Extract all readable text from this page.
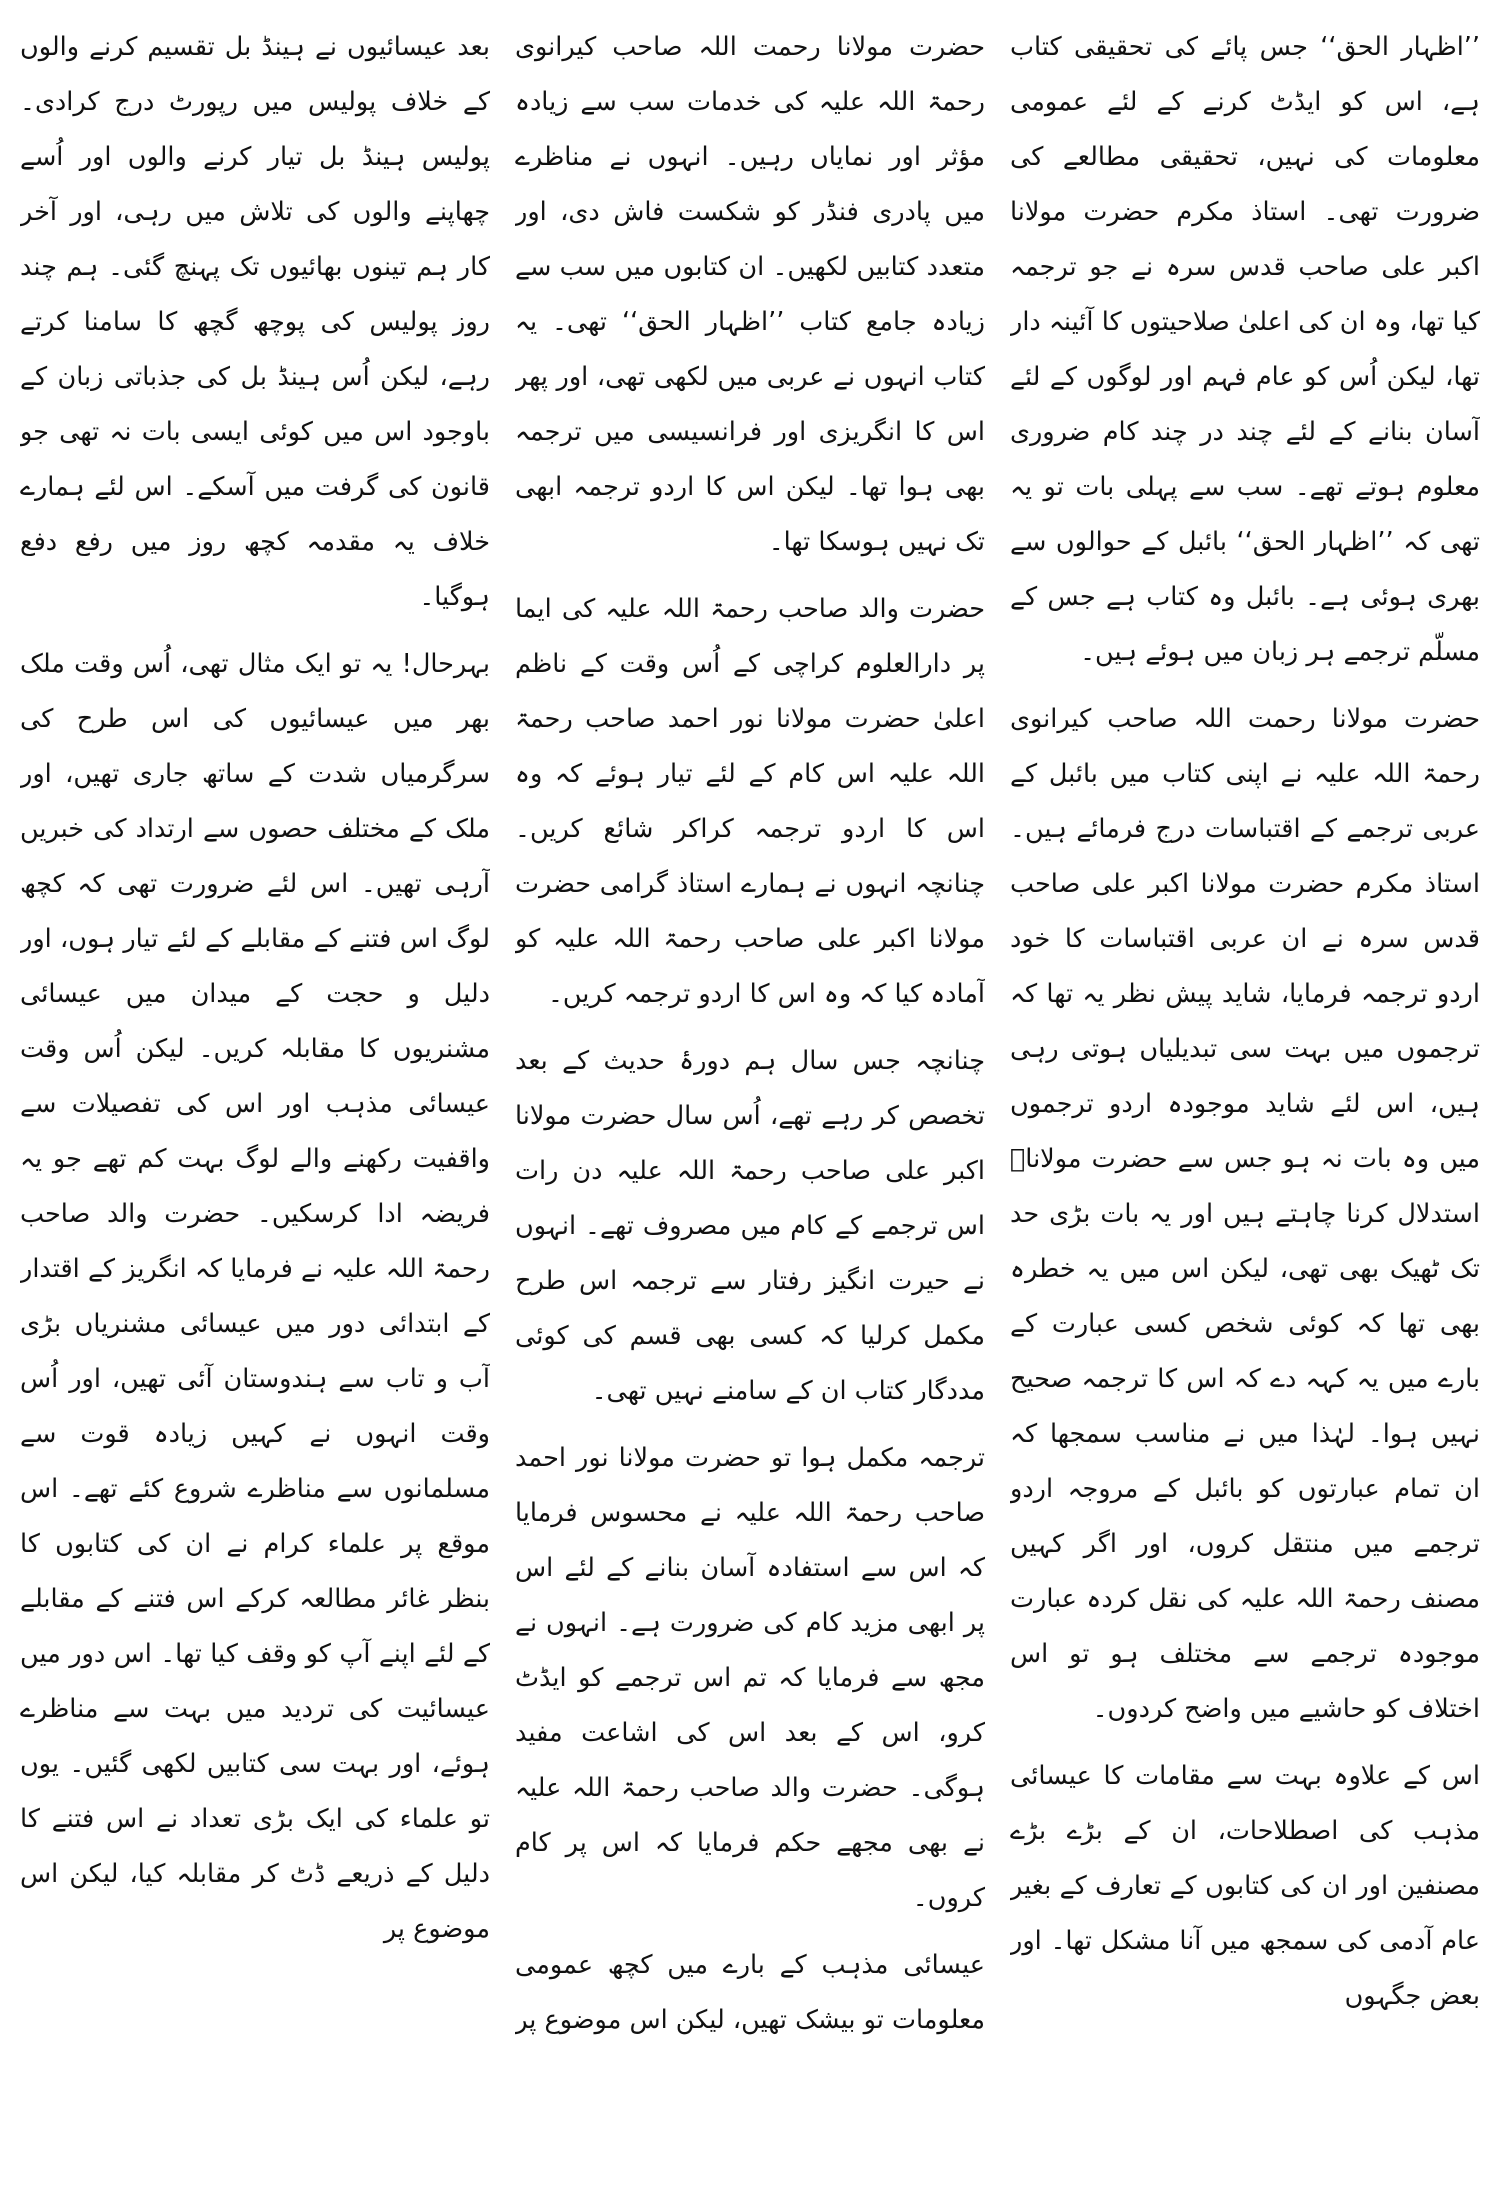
بعد عیسائیوں نے ہینڈ بل تقسیم کرنے والوں کے خلاف پولیس میں رپورٹ درج کرادی۔ پولیس ہینڈ بل تیار کرنے والوں اور اُسے چھاپنے والوں کی تلاش میں رہی، اور آخر کار ہم تینوں بھائیوں تک پہنچ گئی۔ ہم چند روز پولیس کی پوچھ گچھ کا سامنا کرتے رہے، لیکن اُس ہینڈ بل کی جذباتی زبان کے باوجود اس میں کوئی ایسی بات نہ تھی جو قانون کی گرفت میں آسکے۔ اس لئے ہمارے خلاف یہ مقدمہ کچھ روز میں رفع دفع ہوگیا۔

بہرحال! یہ تو ایک مثال تھی، اُس وقت ملک بھر میں عیسائیوں کی اس طرح کی سرگرمیاں شدت کے ساتھ جاری تھیں، اور ملک کے مختلف حصوں سے ارتداد کی خبریں آرہی تھیں۔ اس لئے ضرورت تھی کہ کچھ لوگ اس فتنے کے مقابلے کے لئے تیار ہوں، اور دلیل و حجت کے میدان میں عیسائی مشنریوں کا مقابلہ کریں۔ لیکن اُس وقت عیسائی مذہب اور اس کی تفصیلات سے واقفیت رکھنے والے لوگ بہت کم تھے جو یہ فریضہ ادا کرسکیں۔ حضرت والد صاحب رحمۃ اللہ علیہ نے فرمایا کہ انگریز کے اقتدار کے ابتدائی دور میں عیسائی مشنریاں بڑی آب و تاب سے ہندوستان آئی تھیں، اور اُس وقت انہوں نے کہیں زیادہ قوت سے مسلمانوں سے مناظرے شروع کئے تھے۔ اس موقع پر علماء کرام نے ان کی کتابوں کا بنظر غائر مطالعہ کرکے اس فتنے کے مقابلے کے لئے اپنے آپ کو وقف کیا تھا۔ اس دور میں عیسائیت کی تردید میں بہت سے مناظرے ہوئے، اور بہت سی کتابیں لکھی گئیں۔ یوں تو علماء کی ایک بڑی تعداد نے اس فتنے کا دلیل کے ذریعے ڈٹ کر مقابلہ کیا، لیکن اس موضوع پر

حضرت مولانا رحمت اللہ صاحب کیرانوی رحمۃ اللہ علیہ کی خدمات سب سے زیادہ مؤثر اور نمایاں رہیں۔ انہوں نے مناظرے میں پادری فنڈر کو شکست فاش دی، اور متعدد کتابیں لکھیں۔ ان کتابوں میں سب سے زیادہ جامع کتاب ’’اظہار الحق‘‘ تھی۔ یہ کتاب انہوں نے عربی میں لکھی تھی، اور پھر اس کا انگریزی اور فرانسیسی میں ترجمہ بھی ہوا تھا۔ لیکن اس کا اردو ترجمہ ابھی تک نہیں ہوسکا تھا۔

حضرت والد صاحب رحمۃ اللہ علیہ کی ایما پر دارالعلوم کراچی کے اُس وقت کے ناظم اعلیٰ حضرت مولانا نور احمد صاحب رحمۃ اللہ علیہ اس کام کے لئے تیار ہوئے کہ وہ اس کا اردو ترجمہ کراکر شائع کریں۔ چنانچہ انہوں نے ہمارے استاذ گرامی حضرت مولانا اکبر علی صاحب رحمۃ اللہ علیہ کو آمادہ کیا کہ وہ اس کا اردو ترجمہ کریں۔

چنانچہ جس سال ہم دورۂ حدیث کے بعد تخصص کر رہے تھے، اُس سال حضرت مولانا اکبر علی صاحب رحمۃ اللہ علیہ دن رات اس ترجمے کے کام میں مصروف تھے۔ انہوں نے حیرت انگیز رفتار سے ترجمہ اس طرح مکمل کرلیا کہ کسی بھی قسم کی کوئی مددگار کتاب ان کے سامنے نہیں تھی۔

ترجمہ مکمل ہوا تو حضرت مولانا نور احمد صاحب رحمۃ اللہ علیہ نے محسوس فرمایا کہ اس سے استفادہ آسان بنانے کے لئے اس پر ابھی مزید کام کی ضرورت ہے۔ انہوں نے مجھ سے فرمایا کہ تم اس ترجمے کو ایڈٹ کرو، اس کے بعد اس کی اشاعت مفید ہوگی۔ حضرت والد صاحب رحمۃ اللہ علیہ نے بھی مجھے حکم فرمایا کہ اس پر کام کروں۔

عیسائی مذہب کے بارے میں کچھ عمومی معلومات تو بیشک تھیں، لیکن اس موضوع پر

’’اظہار الحق‘‘ جس پائے کی تحقیقی کتاب ہے، اس کو ایڈٹ کرنے کے لئے عمومی معلومات کی نہیں، تحقیقی مطالعے کی ضرورت تھی۔ استاذ مکرم حضرت مولانا اکبر علی صاحب قدس سرہ نے جو ترجمہ کیا تھا، وہ ان کی اعلیٰ صلاحیتوں کا آئینہ دار تھا، لیکن اُس کو عام فہم اور لوگوں کے لئے آسان بنانے کے لئے چند در چند کام ضروری معلوم ہوتے تھے۔ سب سے پہلی بات تو یہ تھی کہ ’’اظہار الحق‘‘ بائبل کے حوالوں سے بھری ہوئی ہے۔ بائبل وہ کتاب ہے جس کے مسلّم ترجمے ہر زبان میں ہوئے ہیں۔

حضرت مولانا رحمت اللہ صاحب کیرانوی رحمۃ اللہ علیہ نے اپنی کتاب میں بائبل کے عربی ترجمے کے اقتباسات درج فرمائے ہیں۔ استاذ مکرم حضرت مولانا اکبر علی صاحب قدس سرہ نے ان عربی اقتباسات کا خود اردو ترجمہ فرمایا، شاید پیش نظر یہ تھا کہ ترجموں میں بہت سی تبدیلیاں ہوتی رہی ہیں، اس لئے شاید موجودہ اردو ترجموں میں وہ بات نہ ہو جس سے حضرت مولاناؒ استدلال کرنا چاہتے ہیں اور یہ بات بڑی حد تک ٹھیک بھی تھی، لیکن اس میں یہ خطرہ بھی تھا کہ کوئی شخص کسی عبارت کے بارے میں یہ کہہ دے کہ اس کا ترجمہ صحیح نہیں ہوا۔ لہٰذا میں نے مناسب سمجھا کہ ان تمام عبارتوں کو بائبل کے مروجہ اردو ترجمے میں منتقل کروں، اور اگر کہیں مصنف رحمۃ اللہ علیہ کی نقل کردہ عبارت موجودہ ترجمے سے مختلف ہو تو اس اختلاف کو حاشیے میں واضح کردوں۔

اس کے علاوہ بہت سے مقامات کا عیسائی مذہب کی اصطلاحات، ان کے بڑے بڑے مصنفین اور ان کی کتابوں کے تعارف کے بغیر عام آدمی کی سمجھ میں آنا مشکل تھا۔ اور بعض جگہوں
